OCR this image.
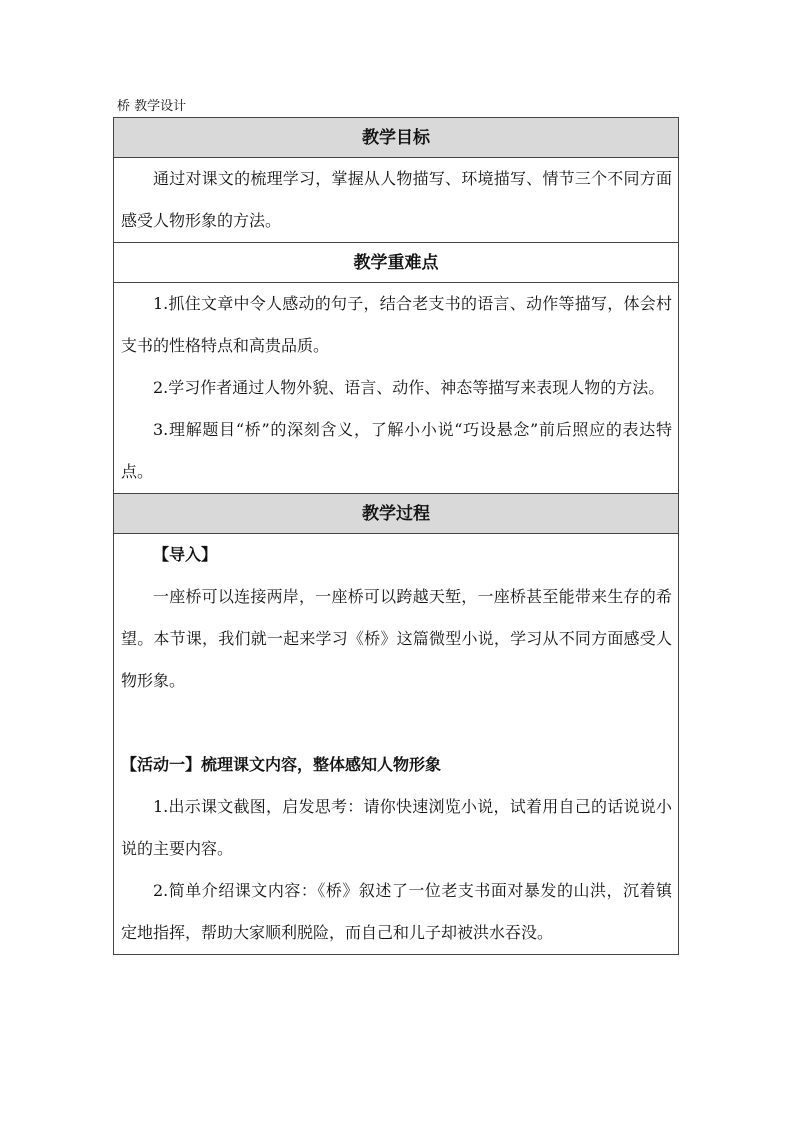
桥 教学设计
教学目标

通过对课文的梳理学习，掌握从人物描写、环境描写、情节三个不同方面感受人物形象的方法。

教学重难点

1.抓住文章中令人感动的句子，结合老支书的语言、动作等描写，体会村支书的性格特点和高贵品质。

2.学习作者通过人物外貌、语言、动作、神态等描写来表现人物的方法。

3.理解题目“桥”的深刻含义，了解小小说“巧设悬念”前后照应的表达特点。

教学过程

【导入】

一座桥可以连接两岸，一座桥可以跨越天堑，一座桥甚至能带来生存的希望。本节课，我们就一起来学习《桥》这篇微型小说，学习从不同方面感受人物形象。

【活动一】梳理课文内容，整体感知人物形象

1.出示课文截图，启发思考：请你快速浏览小说，试着用自己的话说说小说的主要内容。

2.简单介绍课文内容：《桥》叙述了一位老支书面对暴发的山洪，沉着镇定地指挥，帮助大家顺利脱险，而自己和儿子却被洪水吞没。
